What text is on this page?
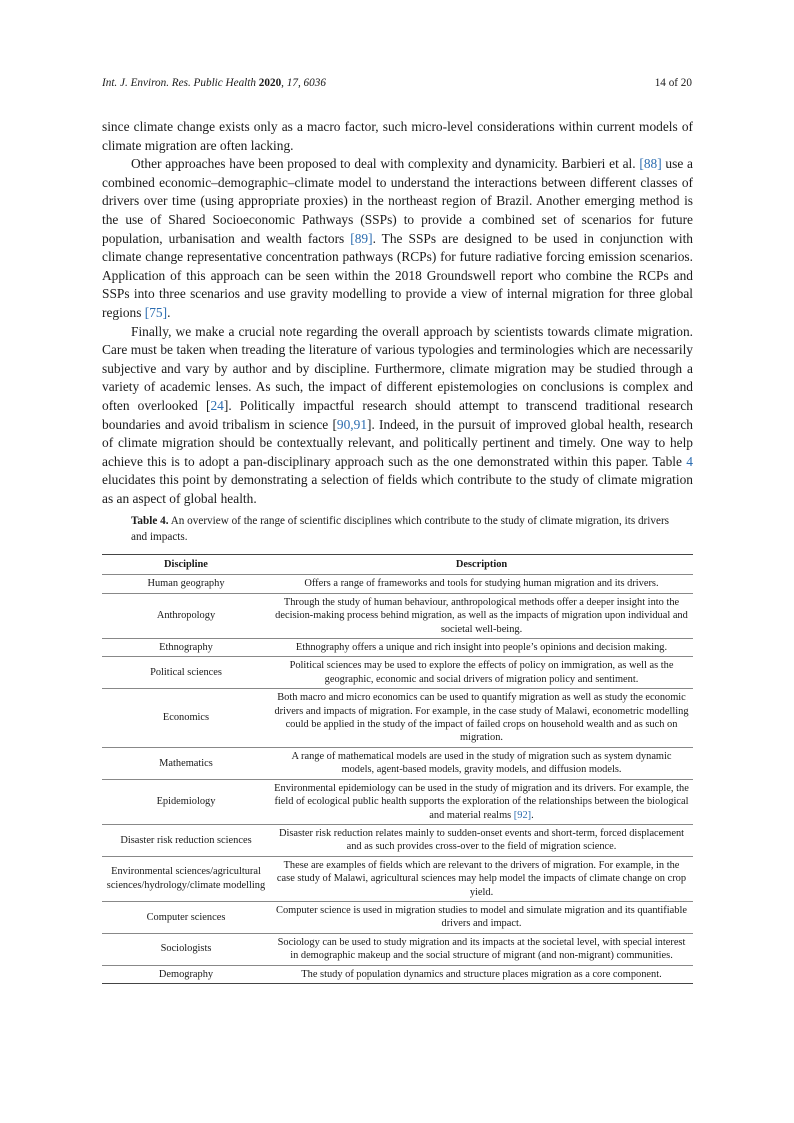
Int. J. Environ. Res. Public Health 2020, 17, 6036	14 of 20

since climate change exists only as a macro factor, such micro-level considerations within current models of climate migration are often lacking.

Other approaches have been proposed to deal with complexity and dynamicity. Barbieri et al. [88] use a combined economic–demographic–climate model to understand the interactions between different classes of drivers over time (using appropriate proxies) in the northeast region of Brazil. Another emerging method is the use of Shared Socioeconomic Pathways (SSPs) to provide a combined set of scenarios for future population, urbanisation and wealth factors [89]. The SSPs are designed to be used in conjunction with climate change representative concentration pathways (RCPs) for future radiative forcing emission scenarios. Application of this approach can be seen within the 2018 Groundswell report who combine the RCPs and SSPs into three scenarios and use gravity modelling to provide a view of internal migration for three global regions [75].

Finally, we make a crucial note regarding the overall approach by scientists towards climate migration. Care must be taken when treading the literature of various typologies and terminologies which are necessarily subjective and vary by author and by discipline. Furthermore, climate migration may be studied through a variety of academic lenses. As such, the impact of different epistemologies on conclusions is complex and often overlooked [24]. Politically impactful research should attempt to transcend traditional research boundaries and avoid tribalism in science [90,91]. Indeed, in the pursuit of improved global health, research of climate migration should be contextually relevant, and politically pertinent and timely. One way to help achieve this is to adopt a pan-disciplinary approach such as the one demonstrated within this paper. Table 4 elucidates this point by demonstrating a selection of fields which contribute to the study of climate migration as an aspect of global health.

Table 4. An overview of the range of scientific disciplines which contribute to the study of climate migration, its drivers and impacts.
Discipline	Description
Human geography	Offers a range of frameworks and tools for studying human migration and its drivers.
Anthropology	Through the study of human behaviour, anthropological methods offer a deeper insight into the decision-making process behind migration, as well as the impacts of migration upon individual and societal well-being.
Ethnography	Ethnography offers a unique and rich insight into people’s opinions and decision making.
Political sciences	Political sciences may be used to explore the effects of policy on immigration, as well as the geographic, economic and social drivers of migration policy and sentiment.
Economics	Both macro and micro economics can be used to quantify migration as well as study the economic drivers and impacts of migration. For example, in the case study of Malawi, econometric modelling could be applied in the study of the impact of failed crops on household wealth and as such on migration.
Mathematics	A range of mathematical models are used in the study of migration such as system dynamic models, agent-based models, gravity models, and diffusion models.
Epidemiology	Environmental epidemiology can be used in the study of migration and its drivers. For example, the field of ecological public health supports the exploration of the relationships between the biological and material realms [92].
Disaster risk reduction sciences	Disaster risk reduction relates mainly to sudden-onset events and short-term, forced displacement and as such provides cross-over to the field of migration science.
Environmental sciences/agricultural sciences/hydrology/climate modelling	These are examples of fields which are relevant to the drivers of migration. For example, in the case study of Malawi, agricultural sciences may help model the impacts of climate change on crop yield.
Computer sciences	Computer science is used in migration studies to model and simulate migration and its quantifiable drivers and impact.
Sociologists	Sociology can be used to study migration and its impacts at the societal level, with special interest in demographic makeup and the social structure of migrant (and non-migrant) communities.
Demography	The study of population dynamics and structure places migration as a core component.
